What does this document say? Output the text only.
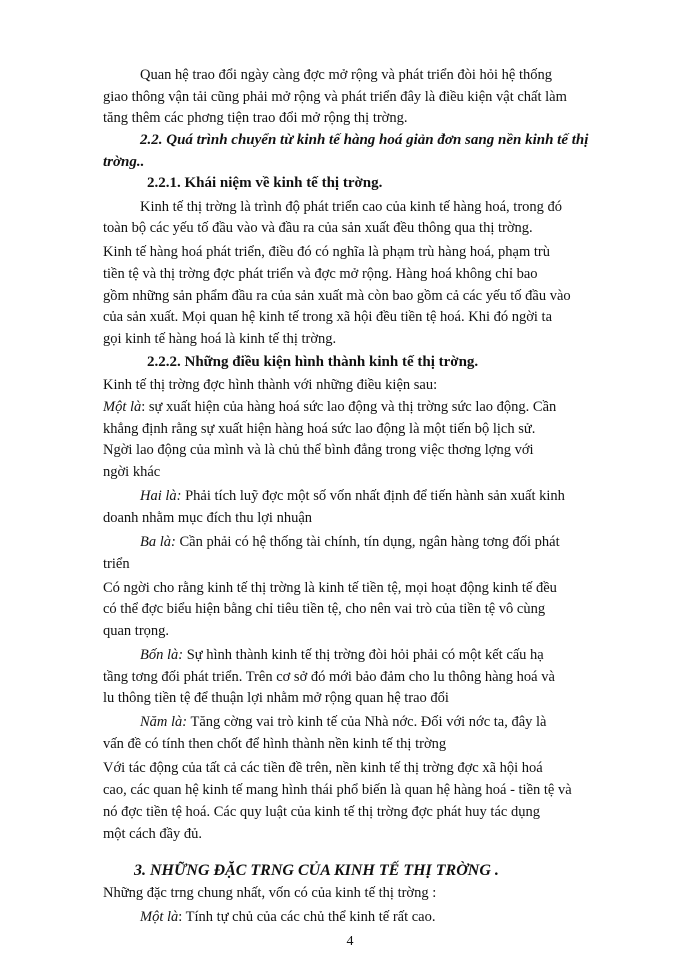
Quan hệ trao đổi ngày càng đợc mở rộng và phát triển đòi hỏi hệ thống
giao thông vận tải cũng phải mở rộng và phát triển đây là điều kiện vật chất làm
tăng thêm các phơng tiện trao đổi mở rộng thị trờng.
2.2. Quá trình chuyển từ kinh tế hàng hoá giản đơn sang nền kinh tế thị
trờng..
2.2.1. Khái niệm về kinh tế thị trờng.
Kinh tế thị trờng là trình độ phát triển cao của kinh tế hàng hoá, trong đó
toàn bộ các yếu tố đầu vào và đầu ra của sản xuất đều thông qua thị trờng.
Kinh tế hàng hoá phát triển, điều đó có nghĩa là phạm trù hàng hoá, phạm trù
tiền tệ và thị trờng đợc phát triển và đợc mở rộng. Hàng hoá không chỉ bao
gồm những sản phẩm đầu ra của sản xuất mà còn bao gồm cả các yếu tố đầu vào
của sản xuất. Mọi quan hệ kinh tế trong xã hội đều tiền tệ hoá. Khi đó ngời ta
gọi kinh tế hàng hoá là kinh tế thị trờng.
2.2.2. Những điều kiện hình thành kinh tế thị trờng.
Kinh tế thị trờng đợc hình thành với những điều kiện sau:
Một là: sự xuất hiện của hàng hoá sức lao động và thị trờng sức lao động. Cần
khẳng định rằng sự xuất hiện hàng hoá sức lao động là một tiến bộ lịch sử.
Ngời lao động của mình và là chủ thể bình đẳng trong việc thơng lợng với
ngời khác
Hai là: Phải tích luỹ đợc một số vốn nhất định để tiến hành sản xuất kinh
doanh nhằm mục đích thu lợi nhuận
Ba là: Cần phải có hệ thống tài chính, tín dụng, ngân hàng tơng đối phát
triển
Có ngời cho rằng kinh tế thị trờng là kinh tế tiền tệ, mọi hoạt động kinh tế đều
có thể đợc biểu hiện bằng chỉ tiêu tiền tệ, cho nên vai trò của tiền tệ vô cùng
quan trọng.
Bốn là: Sự hình thành kinh tế thị trờng đòi hỏi phải có một kết cấu hạ
tầng tơng đối phát triển. Trên cơ sở đó mới bảo đảm cho lu thông hàng hoá và
lu thông tiền tệ để thuận lợi nhằm mở rộng quan hệ trao đổi
Năm là: Tăng cờng vai trò kinh tế của Nhà nớc. Đối với nớc ta, đây là
vấn đề có tính then chốt để hình thành nền kinh tế thị trờng
Với tác động của tất cả các tiền đề trên, nền kinh tế thị trờng đợc xã hội hoá
cao, các quan hệ kinh tế mang hình thái phổ biến là quan hệ hàng hoá - tiền tệ và
nó đợc tiền tệ hoá. Các quy luật của kinh tế thị trờng đợc phát huy tác dụng
một cách đầy đủ.
3. NHỮNG ĐẶC TRNG CỦA KINH TẾ THỊ TRỜNG .
Những đặc trng chung nhất, vốn có của kinh tế thị trờng :
Một là: Tính tự chủ của các chủ thể kinh tế rất cao.
4
